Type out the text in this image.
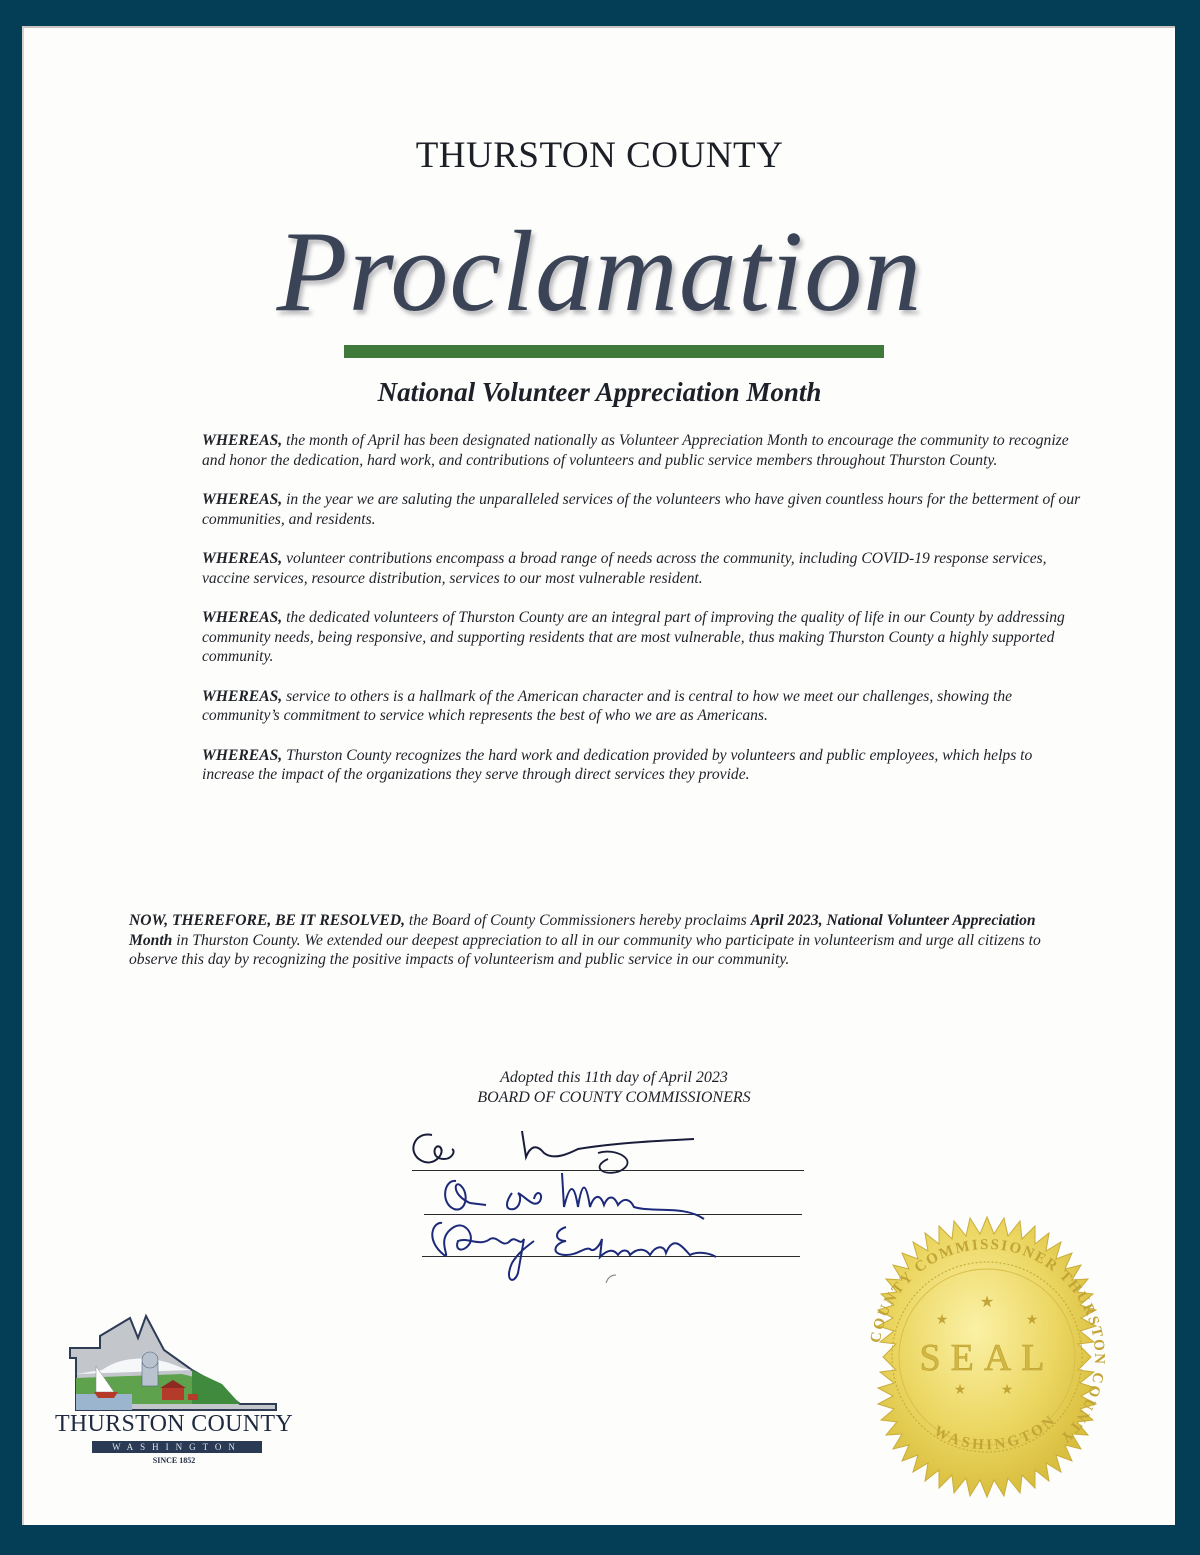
THURSTON COUNTY
Proclamation
National Volunteer Appreciation Month

WHEREAS, the month of April has been designated nationally as Volunteer Appreciation Month to encourage the community to recognize and honor the dedication, hard work, and contributions of volunteers and public service members throughout Thurston County.

WHEREAS, in the year we are saluting the unparalleled services of the volunteers who have given countless hours for the betterment of our communities, and residents.

WHEREAS, volunteer contributions encompass a broad range of needs across the community, including COVID-19 response services, vaccine services, resource distribution, services to our most vulnerable resident.

WHEREAS, the dedicated volunteers of Thurston County are an integral part of improving the quality of life in our County by addressing community needs, being responsive, and supporting residents that are most vulnerable, thus making Thurston County a highly supported community.

WHEREAS, service to others is a hallmark of the American character and is central to how we meet our challenges, showing the community’s commitment to service which represents the best of who we are as Americans.

WHEREAS, Thurston County recognizes the hard work and dedication provided by volunteers and public employees, which helps to increase the impact of the organizations they serve through direct services they provide.

NOW, THEREFORE, BE IT RESOLVED, the Board of County Commissioners hereby proclaims April 2023, National Volunteer Appreciation Month in Thurston County. We extended our deepest appreciation to all in our community who participate in volunteerism and urge all citizens to observe this day by recognizing the positive impacts of volunteerism and public service in our community.

Adopted this 11th day of April 2023
BOARD OF COUNTY COMMISSIONERS
THURSTON COUNTY
WASHINGTON
SINCE 1852
SEAL
★
★	★
★ ★
COUNTY COMMISSIONER THURSTON COUNTY
WASHINGTON
